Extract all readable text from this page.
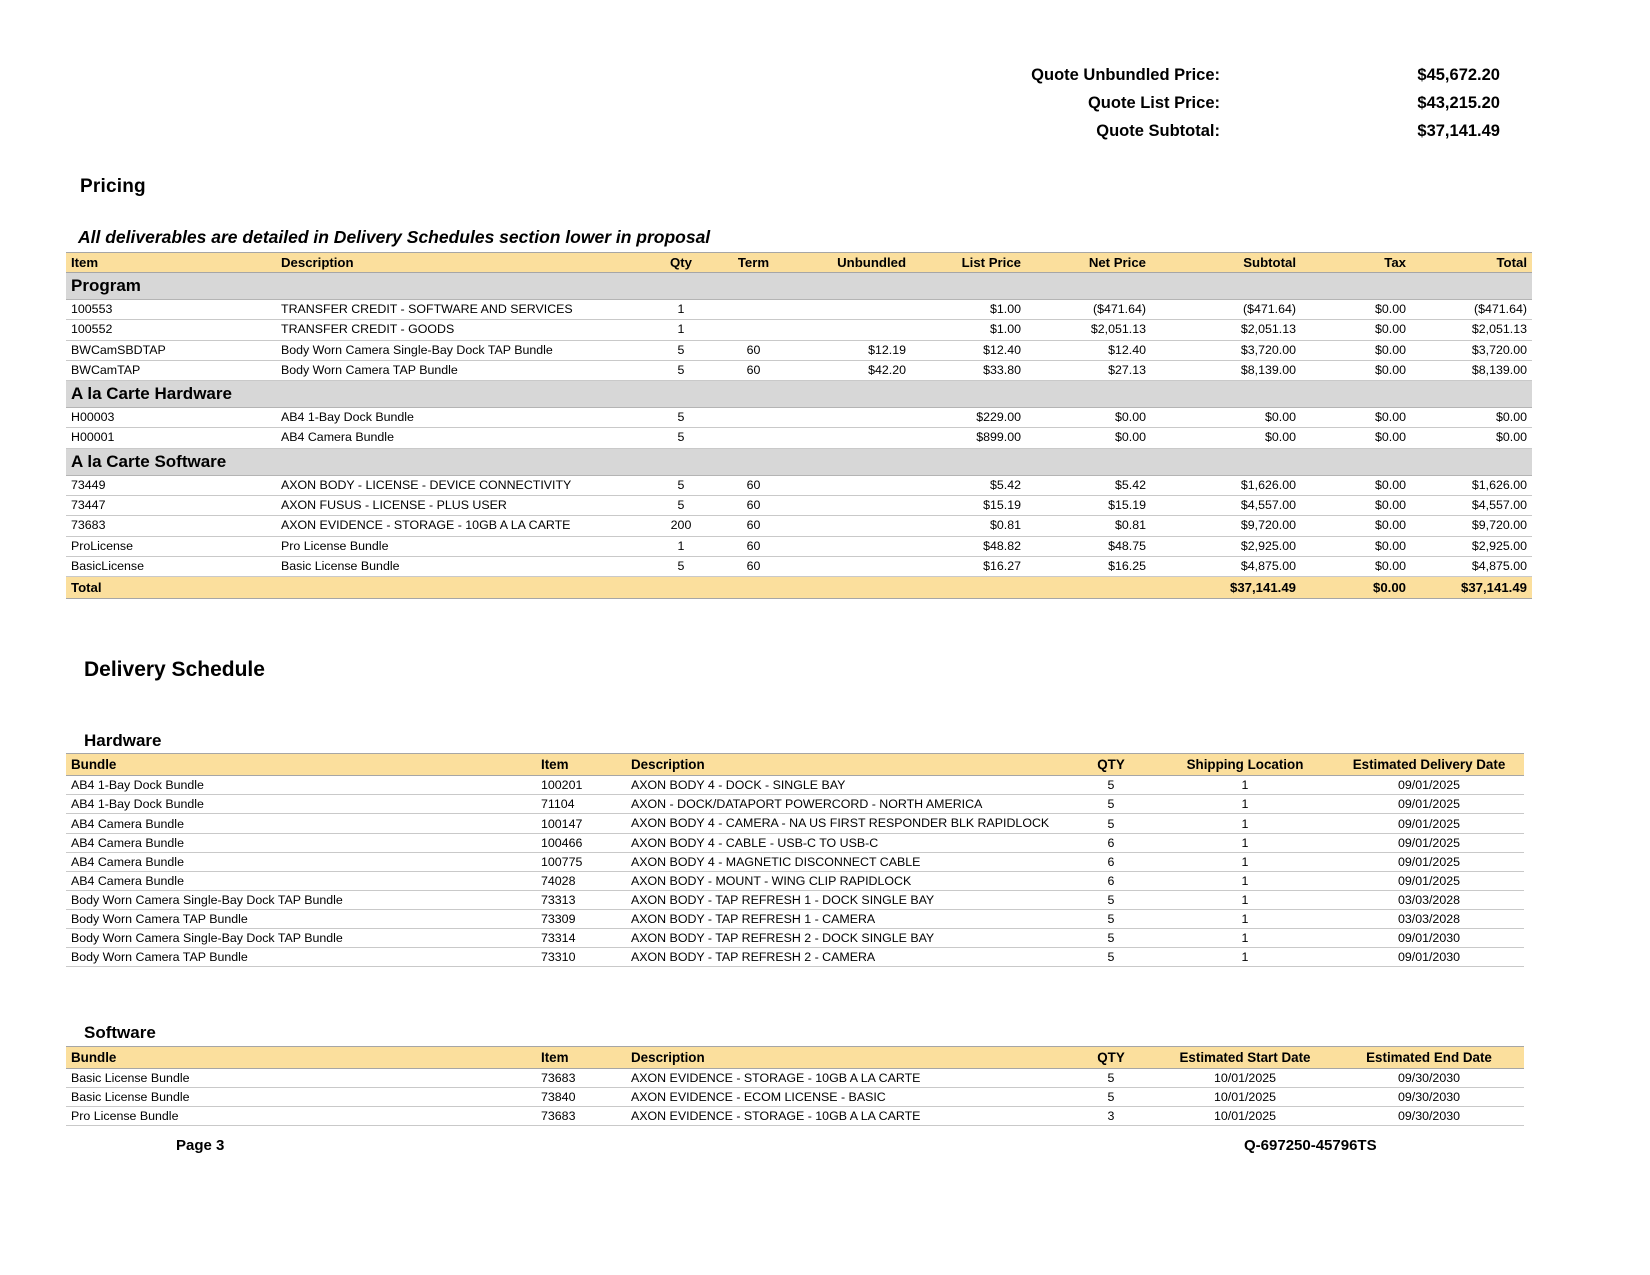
Quote Unbundled Price:	$45,672.20
Quote List Price:	$43,215.20
Quote Subtotal:	$37,141.49
Pricing
All deliverables are detailed in Delivery Schedules section lower in proposal
Delivery Schedule
Hardware
Software
Item	Description	Qty	Term	Unbundled	List Price	Net Price	Subtotal	Tax	Total
Program									
100553	TRANSFER CREDIT - SOFTWARE AND SERVICES	1			$1.00	($471.64)	($471.64)	$0.00	($471.64)
100552	TRANSFER CREDIT - GOODS	1			$1.00	$2,051.13	$2,051.13	$0.00	$2,051.13
BWCamSBDTAP	Body Worn Camera Single-Bay Dock TAP Bundle	5	60	$12.19	$12.40	$12.40	$3,720.00	$0.00	$3,720.00
BWCamTAP	Body Worn Camera TAP Bundle	5	60	$42.20	$33.80	$27.13	$8,139.00	$0.00	$8,139.00
A la Carte Hardware									
H00003	AB4 1-Bay Dock Bundle	5			$229.00	$0.00	$0.00	$0.00	$0.00
H00001	AB4 Camera Bundle	5			$899.00	$0.00	$0.00	$0.00	$0.00
A la Carte Software									
73449	AXON BODY - LICENSE - DEVICE CONNECTIVITY	5	60		$5.42	$5.42	$1,626.00	$0.00	$1,626.00
73447	AXON FUSUS - LICENSE - PLUS USER	5	60		$15.19	$15.19	$4,557.00	$0.00	$4,557.00
73683	AXON EVIDENCE - STORAGE - 10GB A LA CARTE	200	60		$0.81	$0.81	$9,720.00	$0.00	$9,720.00
ProLicense	Pro License Bundle	1	60		$48.82	$48.75	$2,925.00	$0.00	$2,925.00
BasicLicense	Basic License Bundle	5	60		$16.27	$16.25	$4,875.00	$0.00	$4,875.00
Total							$37,141.49	$0.00	$37,141.49
Bundle	Item	Description	QTY	Shipping Location	Estimated Delivery Date
AB4 1-Bay Dock Bundle	100201	AXON BODY 4 - DOCK - SINGLE BAY	5	1	09/01/2025
AB4 1-Bay Dock Bundle	71104	AXON - DOCK/DATAPORT POWERCORD - NORTH AMERICA	5	1	09/01/2025
AB4 Camera Bundle	100147	AXON BODY 4 - CAMERA - NA US FIRST RESPONDER BLK RAPIDLOCK	5	1	09/01/2025
AB4 Camera Bundle	100466	AXON BODY 4 - CABLE - USB-C TO USB-C	6	1	09/01/2025
AB4 Camera Bundle	100775	AXON BODY 4 - MAGNETIC DISCONNECT CABLE	6	1	09/01/2025
AB4 Camera Bundle	74028	AXON BODY - MOUNT - WING CLIP RAPIDLOCK	6	1	09/01/2025
Body Worn Camera Single-Bay Dock TAP Bundle	73313	AXON BODY - TAP REFRESH 1 - DOCK SINGLE BAY	5	1	03/03/2028
Body Worn Camera TAP Bundle	73309	AXON BODY - TAP REFRESH 1 - CAMERA	5	1	03/03/2028
Body Worn Camera Single-Bay Dock TAP Bundle	73314	AXON BODY - TAP REFRESH 2 - DOCK SINGLE BAY	5	1	09/01/2030
Body Worn Camera TAP Bundle	73310	AXON BODY - TAP REFRESH 2 - CAMERA	5	1	09/01/2030
Bundle	Item	Description	QTY	Estimated Start Date	Estimated End Date
Basic License Bundle	73683	AXON EVIDENCE - STORAGE - 10GB A LA CARTE	5	10/01/2025	09/30/2030
Basic License Bundle	73840	AXON EVIDENCE - ECOM LICENSE - BASIC	5	10/01/2025	09/30/2030
Pro License Bundle	73683	AXON EVIDENCE - STORAGE - 10GB A LA CARTE	3	10/01/2025	09/30/2030
Page 3	Q-697250-45796TS
